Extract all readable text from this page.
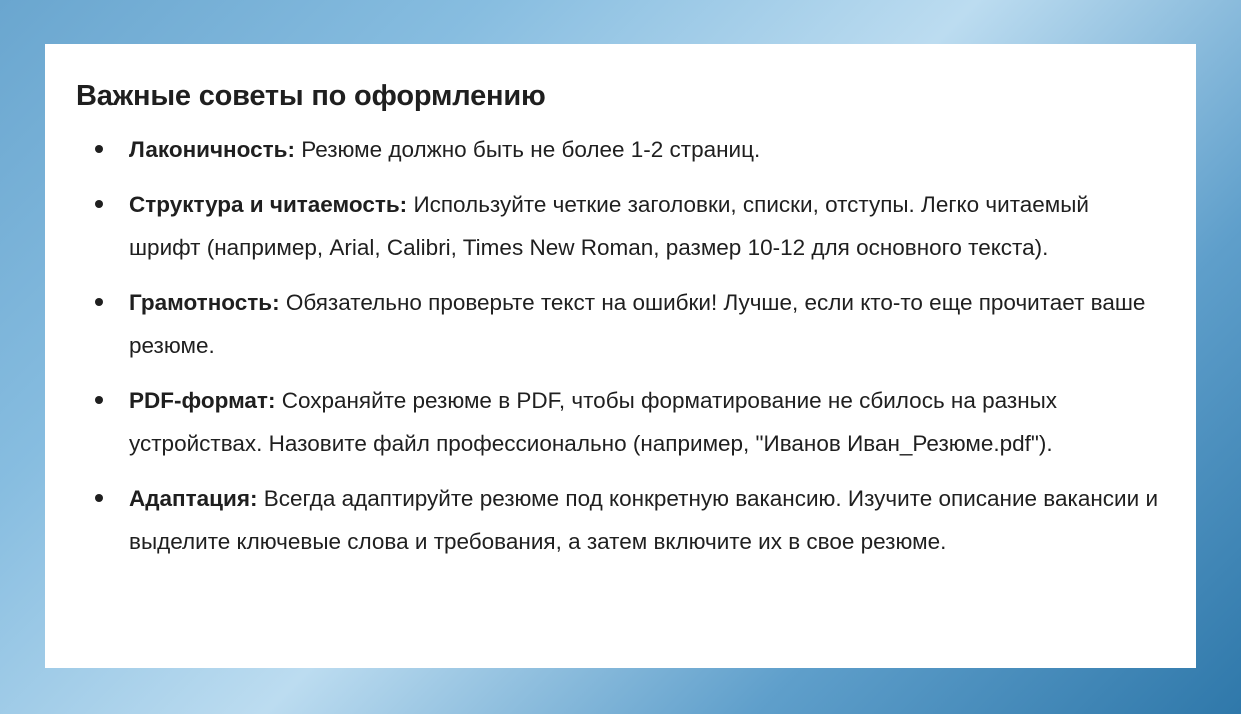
Важные советы по оформлению
Лаконичность: Резюме должно быть не более 1-2 страниц.
Структура и читаемость: Используйте четкие заголовки, списки, отступы. Легко читаемый шрифт (например, Arial, Calibri, Times New Roman, размер 10-12 для основного текста).
Грамотность: Обязательно проверьте текст на ошибки! Лучше, если кто-то еще прочитает ваше резюме.
PDF-формат: Сохраняйте резюме в PDF, чтобы форматирование не сбилось на разных устройствах. Назовите файл профессионально (например, "Иванов Иван_Резюме.pdf").
Адаптация: Всегда адаптируйте резюме под конкретную вакансию. Изучите описание вакансии и выделите ключевые слова и требования, а затем включите их в свое резюме.
